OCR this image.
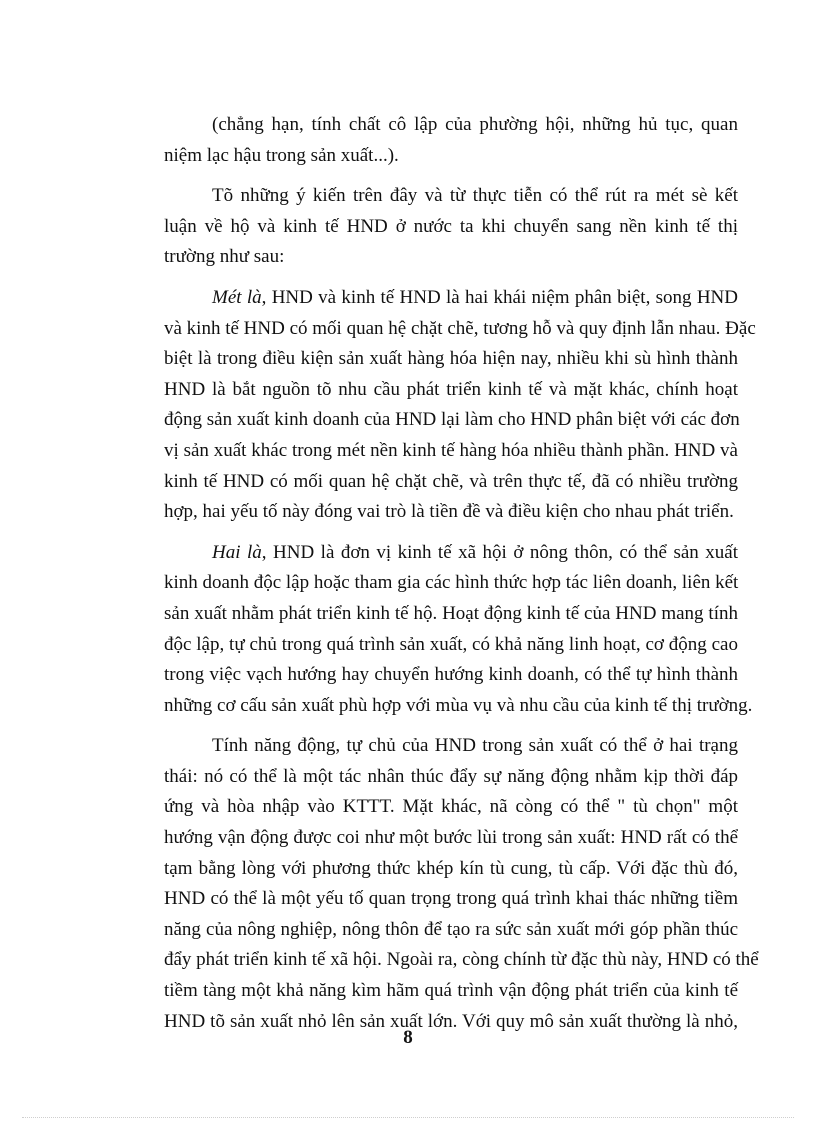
(chẳng hạn, tính chất cô lập của phường hội, những hủ tục, quan
niệm lạc hậu trong sản xuất...).
Tõ những ý kiến trên đây và từ thực tiễn có thể rút ra mét sè kết
luận về hộ và kinh tế HND ở nước ta khi chuyển sang nền kinh tế thị
trường như sau:
Mét là, HND và kinh tế HND là hai khái niệm phân biệt, song HND
và kinh tế HND có mối quan hệ chặt chẽ, tương hỗ và quy định lẫn nhau. Đặc
biệt là trong điều kiện sản xuất hàng hóa hiện nay, nhiều khi sù hình thành
HND là bắt nguồn tõ nhu cầu phát triển kinh tế và mặt khác, chính hoạt
động sản xuất kinh doanh của HND lại làm cho HND phân biệt với các đơn
vị sản xuất khác trong mét nền kinh tế hàng hóa nhiều thành phần. HND và
kinh tế HND có mối quan hệ chặt chẽ, và trên thực tế, đã có nhiều trường
hợp, hai yếu tố này đóng vai trò là tiền đề và điều kiện cho nhau phát triển.
Hai là, HND là đơn vị kinh tế xã hội ở nông thôn, có thể sản xuất
kinh doanh độc lập hoặc tham gia các hình thức hợp tác liên doanh, liên kết
sản xuất nhằm phát triển kinh tế hộ. Hoạt động kinh tế của HND mang tính
độc lập, tự chủ trong quá trình sản xuất, có khả năng linh hoạt, cơ động cao
trong việc vạch hướng hay chuyển hướng kinh doanh, có thể tự hình thành
những cơ cấu sản xuất phù hợp với mùa vụ và nhu cầu của kinh tế thị trường.
Tính năng động, tự chủ của HND trong sản xuất có thể ở hai trạng
thái: nó có thể là một tác nhân thúc đẩy sự năng động nhằm kịp thời đáp
ứng và hòa nhập vào KTTT. Mặt khác, nã còng có thể " tù chọn" một
hướng vận động được coi như một bước lùi trong sản xuất: HND rất có thể
tạm bằng lòng với phương thức khép kín tù cung, tù cấp. Với đặc thù đó,
HND có thể là một yếu tố quan trọng trong quá trình khai thác những tiềm
năng của nông nghiệp, nông thôn để tạo ra sức sản xuất mới góp phần thúc
đẩy phát triển kinh tế xã hội. Ngoài ra, còng chính từ đặc thù này, HND có thể
tiềm tàng một khả năng kìm hãm quá trình vận động phát triển của kinh tế
HND tõ sản xuất nhỏ lên sản xuất lớn. Với quy mô sản xuất thường là nhỏ,
8
